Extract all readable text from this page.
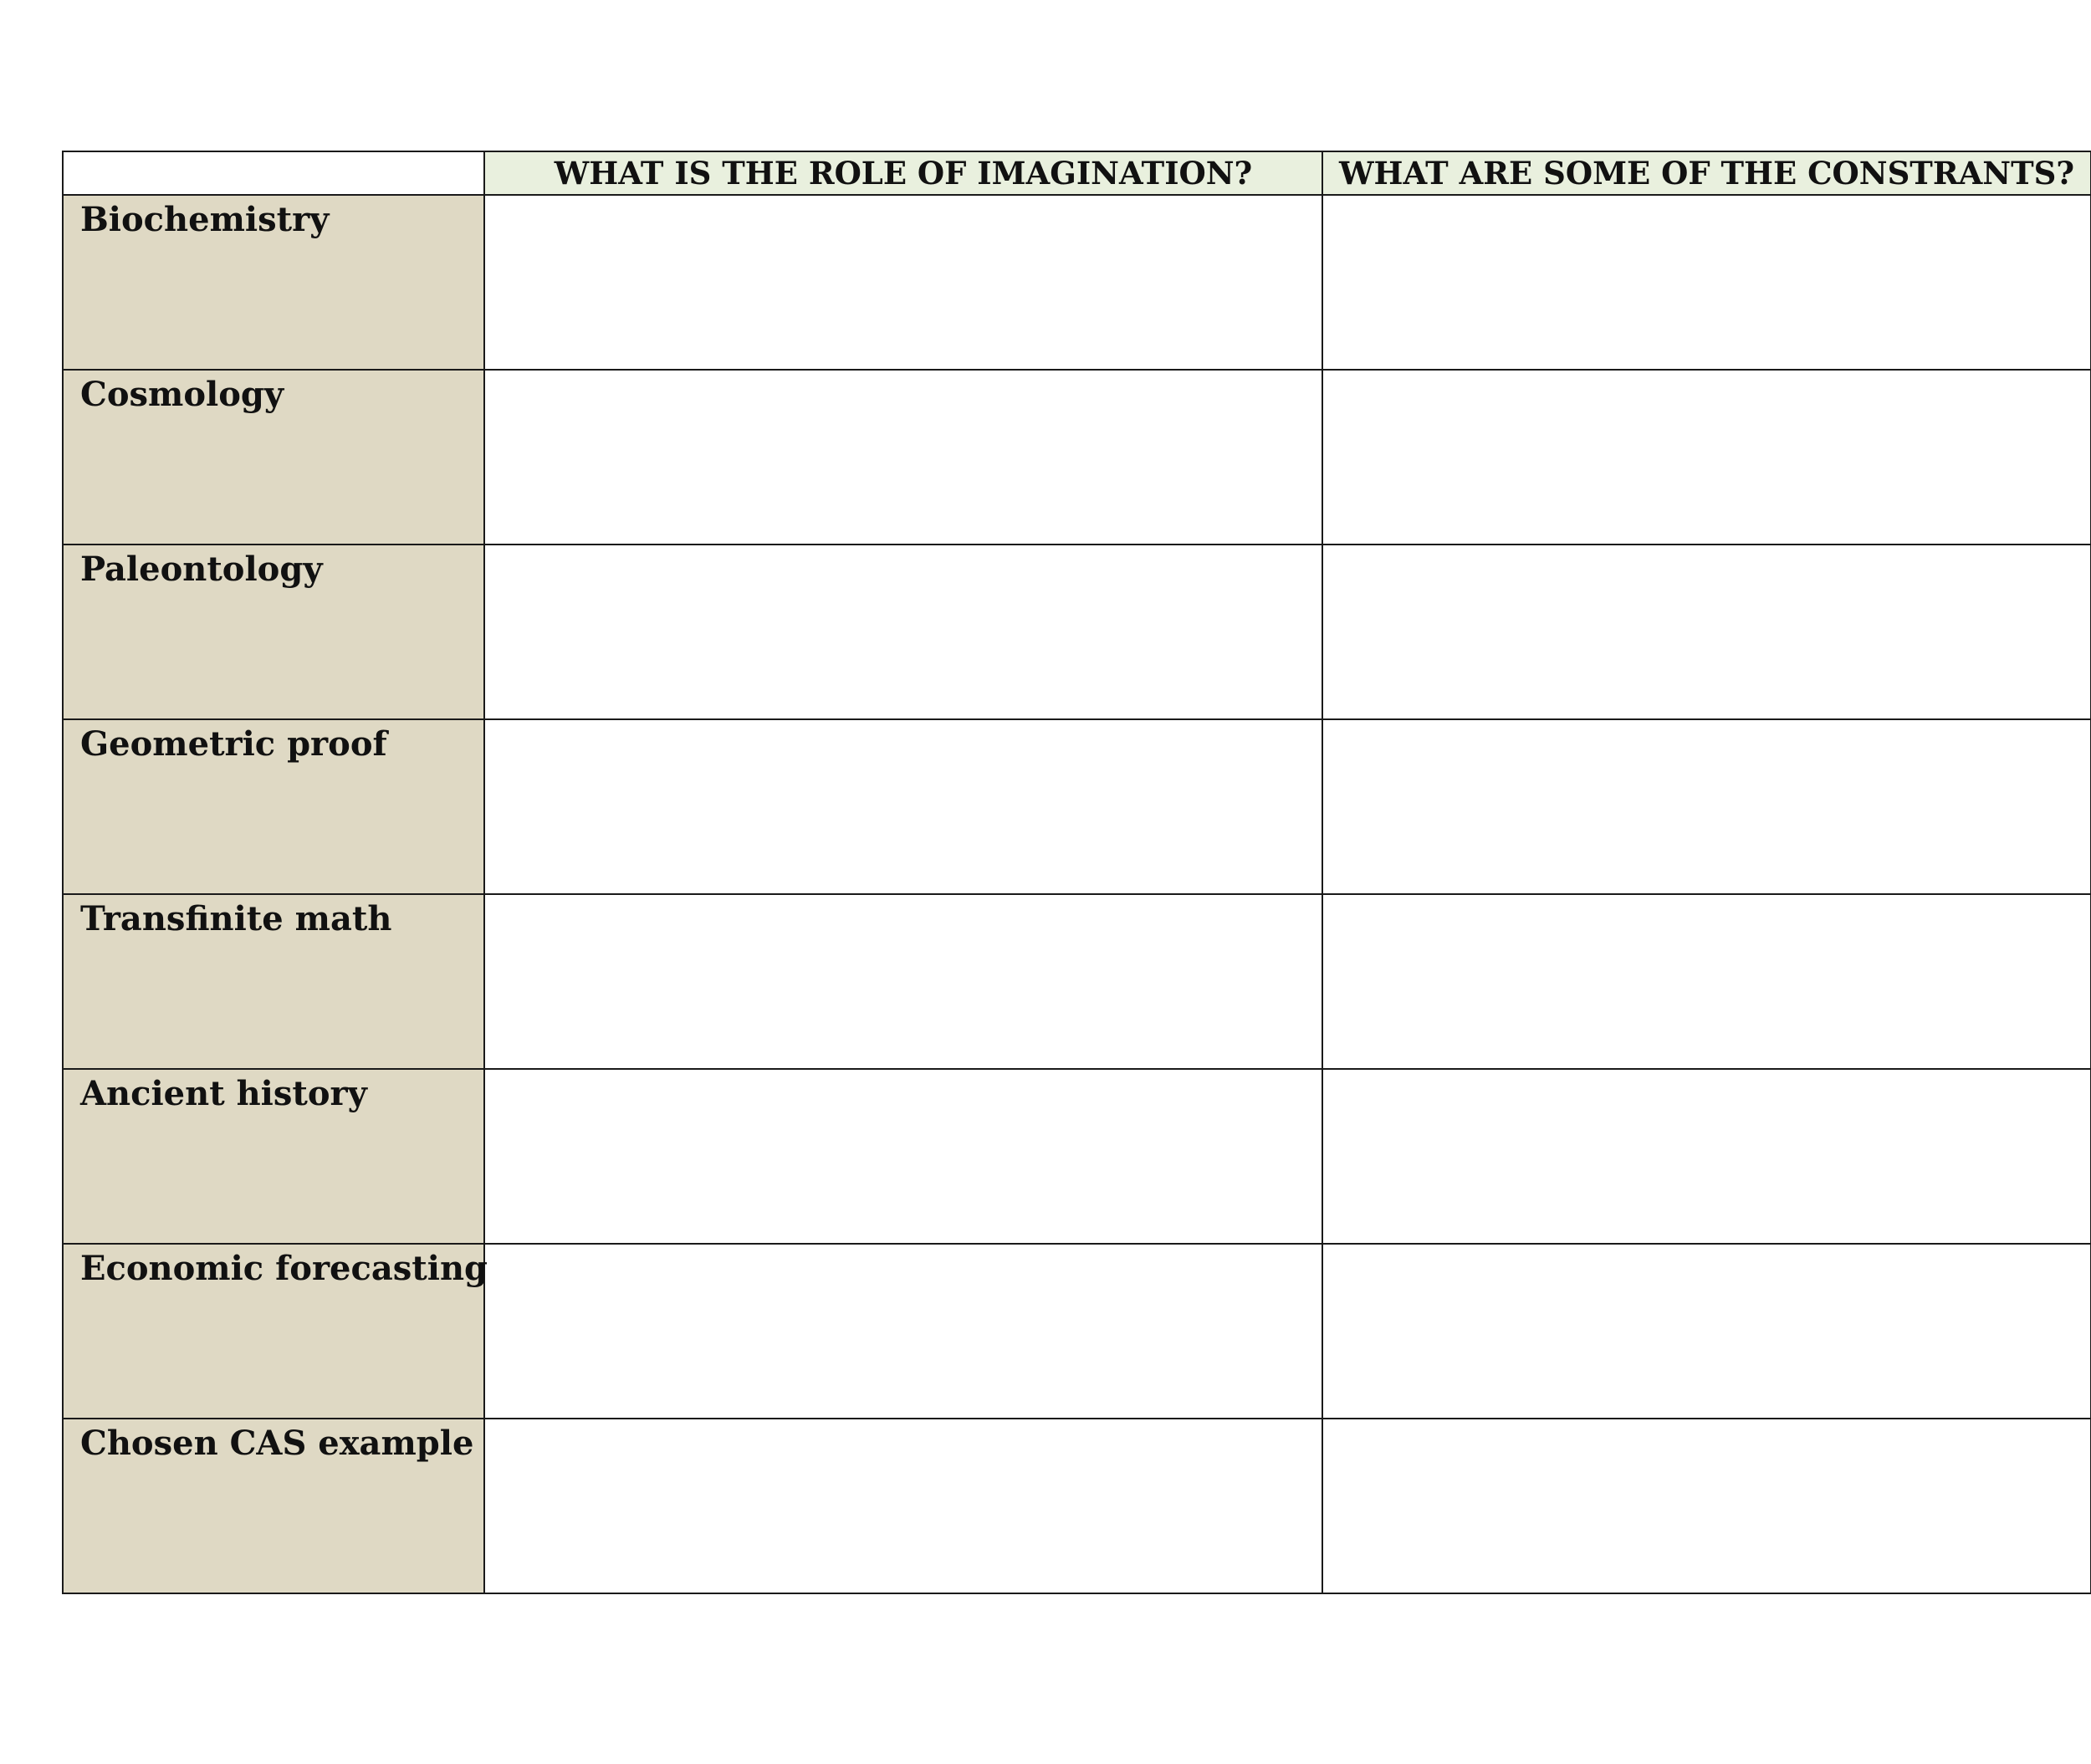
	WHAT IS THE ROLE OF IMAGINATION?	WHAT ARE SOME OF THE CONSTRANTS?

Biochemistry		

Cosmology		

Paleontology		

Geometric proof		

Transfinite math		

Ancient history		

Economic forecasting		

Chosen CAS example		
